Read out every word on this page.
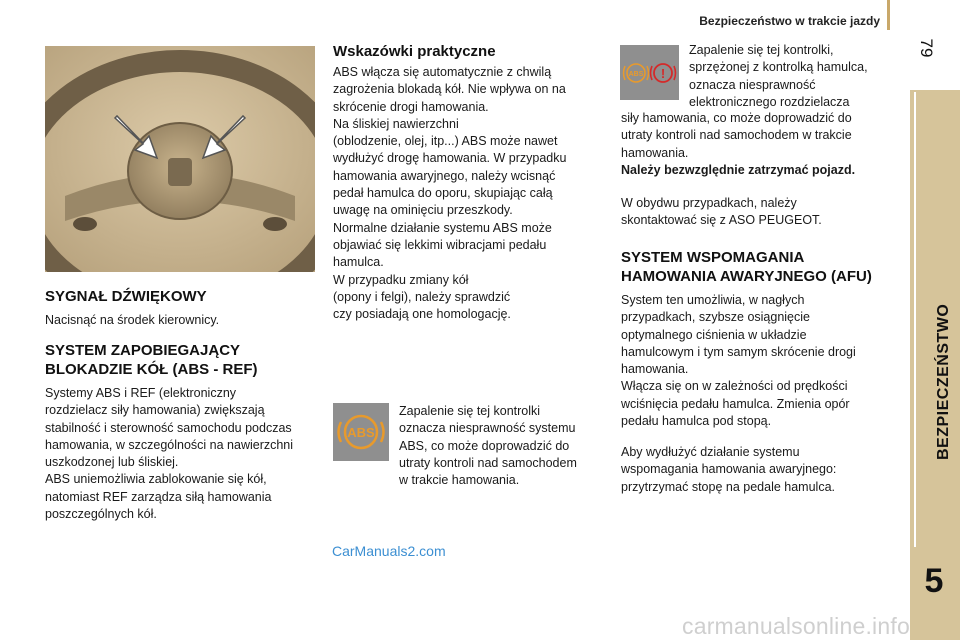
Bezpieczeństwo w trakcie jazdy
79
BEZPIECZEŃSTWO
5
SYGNAŁ DŹWIĘKOWY
Nacisnąć na środek kierownicy.
SYSTEM ZAPOBIEGAJĄCY
BLOKADZIE KÓŁ (ABS - REF)
Systemy ABS i REF (elektroniczny
rozdzielacz siły hamowania) zwiększają
stabilność i sterowność samochodu podczas
hamowania, w szczególności na nawierzchni
uszkodzonej lub śliskiej.
ABS uniemożliwia zablokowanie się kół,
natomiast REF zarządza siłą hamowania
poszczególnych kół.
Wskazówki praktyczne
ABS włącza się automatycznie z chwilą
zagrożenia blokadą kół. Nie wpływa on na
skrócenie drogi hamowania.
Na śliskiej nawierzchni
(oblodzenie, olej, itp...) ABS może nawet
wydłużyć drogę hamowania. W przypadku
hamowania awaryjnego, należy wcisnąć
pedał hamulca do oporu, skupiając całą
uwagę na ominięciu przeszkody.
Normalne działanie systemu ABS może
objawiać się lekkimi wibracjami pedału
hamulca.
W przypadku zmiany kół
(opony i felgi), należy sprawdzić
czy posiadają one homologację.
ABS
Zapalenie się tej kontrolki
oznacza niesprawność systemu
ABS, co może doprowadzić do
utraty kontroli nad samochodem
w trakcie hamowania.
ABS !
Zapalenie się tej kontrolki,
sprzężonej z kontrolką hamulca,
oznacza niesprawność
elektronicznego rozdzielacza
siły hamowania, co może doprowadzić do
utraty kontroli nad samochodem w trakcie
hamowania.
Należy bezwzględnie zatrzymać pojazd.
W obydwu przypadkach, należy
skontaktować się z ASO PEUGEOT.
SYSTEM WSPOMAGANIA
HAMOWANIA AWARYJNEGO (AFU)
System ten umożliwia, w nagłych
przypadkach, szybsze osiągnięcie
optymalnego ciśnienia w układzie
hamulcowym i tym samym skrócenie drogi
hamowania.
Włącza się on w zależności od prędkości
wciśnięcia pedału hamulca. Zmienia opór
pedału hamulca pod stopą.
Aby wydłużyć działanie systemu
wspomagania hamowania awaryjnego:
przytrzymać stopę na pedale hamulca.
CarManuals2.com
carmanualsonline.info
